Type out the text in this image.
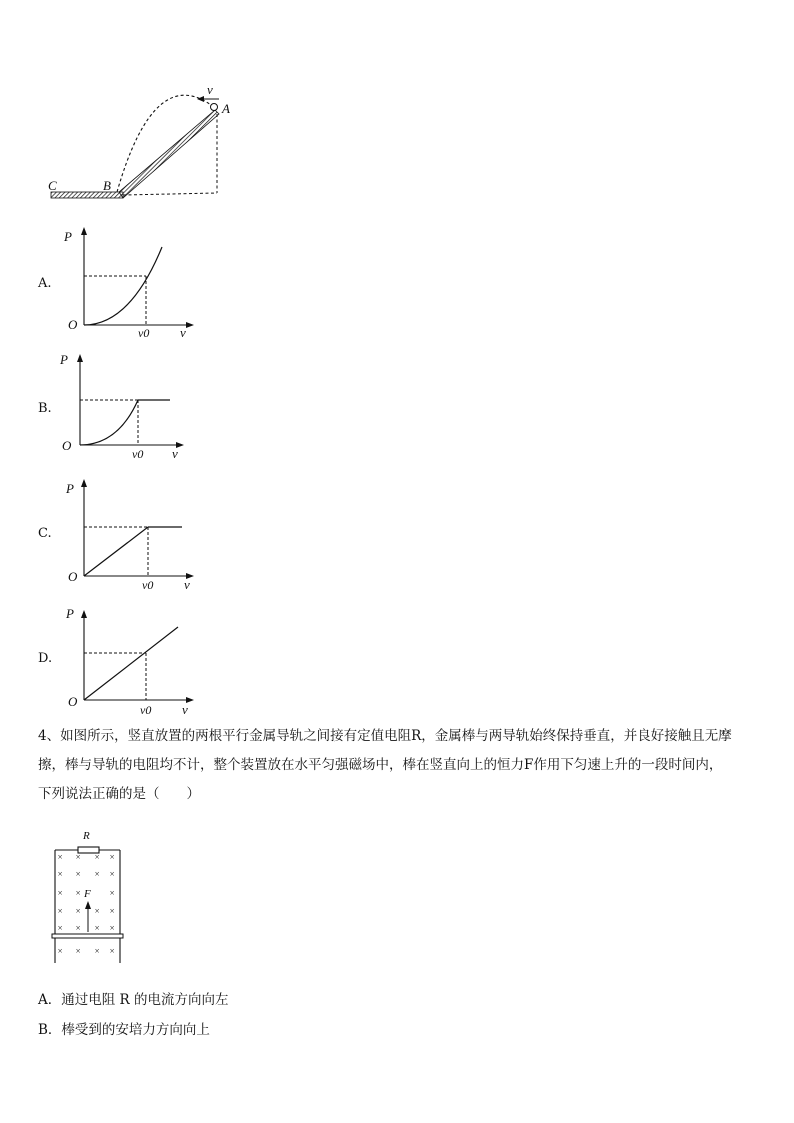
v
A
B
C
A.
P
O
v0 v
B.
P
O
v0 v
C.
P
O
v0 v
D.
P
O
v0 v
4、如图所示，竖直放置的两根平行金属导轨之间接有定值电阻R，金属棒与两导轨始终保持垂直，并良好接触且无摩
擦，棒与导轨的电阻均不计，整个装置放在水平匀强磁场中，棒在竖直向上的恒力F作用下匀速上升的一段时间内，
下列说法正确的是（　　）
R
F
× × × ×
× × × ×
× ×	×
× × × ×
× × × ×
× × × ×
A．通过电阻 R 的电流方向向左
B．棒受到的安培力方向向上
